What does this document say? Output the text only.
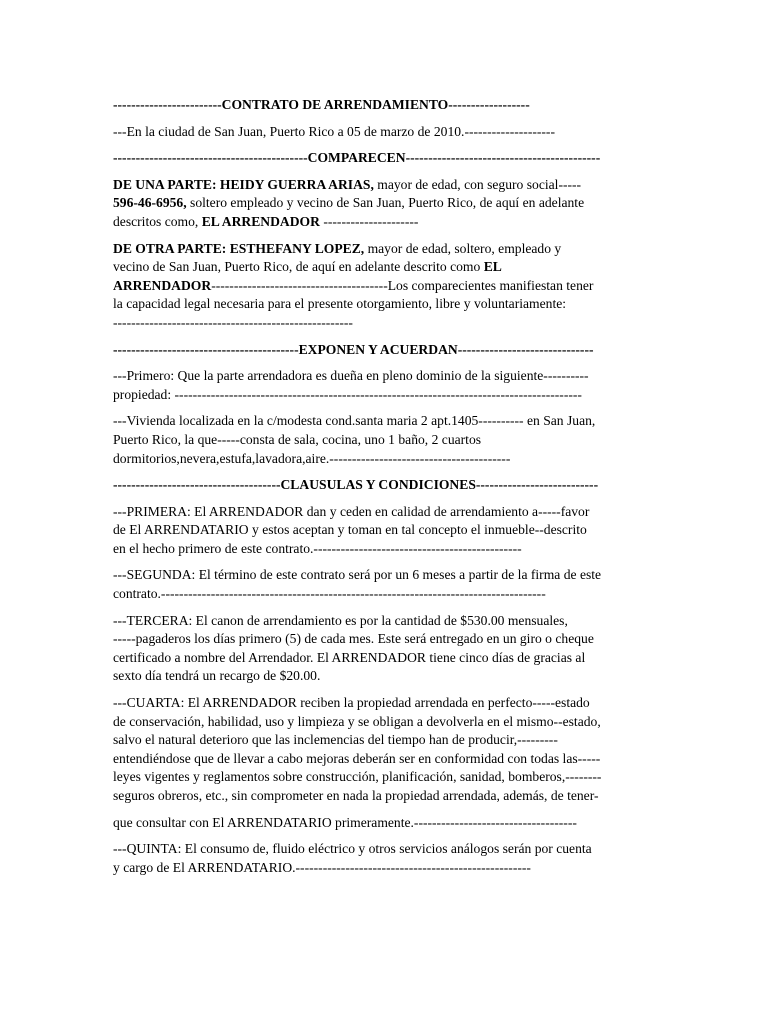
------------------------CONTRATO DE ARRENDAMIENTO------------------

---En la ciudad de San Juan, Puerto Rico a 05 de marzo de 2010.--------------------

-------------------------------------------COMPARECEN-------------------------------------------

DE UNA PARTE: HEIDY GUERRA ARIAS, mayor de edad, con seguro social-----
596-46-6956, soltero empleado y vecino de San Juan, Puerto Rico, de aquí en adelante
descritos como, EL ARRENDADOR ---------------------

DE OTRA PARTE: ESTHEFANY LOPEZ, mayor de edad, soltero, empleado y
vecino de San Juan, Puerto Rico, de aquí en adelante descrito como EL
ARRENDADOR---------------------------------------Los comparecientes manifiestan tener
la capacidad legal necesaria para el presente otorgamiento, libre y voluntariamente:
-----------------------------------------------------

-----------------------------------------EXPONEN Y ACUERDAN------------------------------

---Primero: Que la parte arrendadora es dueña en pleno dominio de la siguiente----------
propiedad: ------------------------------------------------------------------------------------------

---Vivienda localizada en la c/modesta cond.santa maria 2 apt.1405---------- en San Juan,
Puerto Rico, la que-----consta de sala, cocina, uno 1 baño, 2 cuartos
dormitorios,nevera,estufa,lavadora,aire.----------------------------------------

-------------------------------------CLAUSULAS Y CONDICIONES---------------------------

---PRIMERA: El ARRENDADOR dan y ceden en calidad de arrendamiento a-----favor
de El ARRENDATARIO y estos aceptan y toman en tal concepto el inmueble--descrito
en el hecho primero de este contrato.----------------------------------------------

---SEGUNDA: El término de este contrato será por un 6 meses a partir de la firma de este
contrato.-------------------------------------------------------------------------------------

---TERCERA: El canon de arrendamiento es por la cantidad de $530.00 mensuales,
-----pagaderos los días primero (5) de cada mes. Este será entregado en un giro o cheque
certificado a nombre del Arrendador. El ARRENDADOR tiene cinco días de gracias al
sexto día tendrá un recargo de $20.00.

---CUARTA: El ARRENDADOR reciben la propiedad arrendada en perfecto-----estado
de conservación, habilidad, uso y limpieza y se obligan a devolverla en el mismo--estado,
salvo el natural deterioro que las inclemencias del tiempo han de producir,---------
entendiéndose que de llevar a cabo mejoras deberán ser en conformidad con todas las-----
leyes vigentes y reglamentos sobre construcción, planificación, sanidad, bomberos,--------
seguros obreros, etc., sin comprometer en nada la propiedad arrendada, además, de tener-

que consultar con El ARRENDATARIO primeramente.------------------------------------

---QUINTA: El consumo de, fluido eléctrico y otros servicios análogos serán por cuenta
y cargo de El ARRENDATARIO.----------------------------------------------------
